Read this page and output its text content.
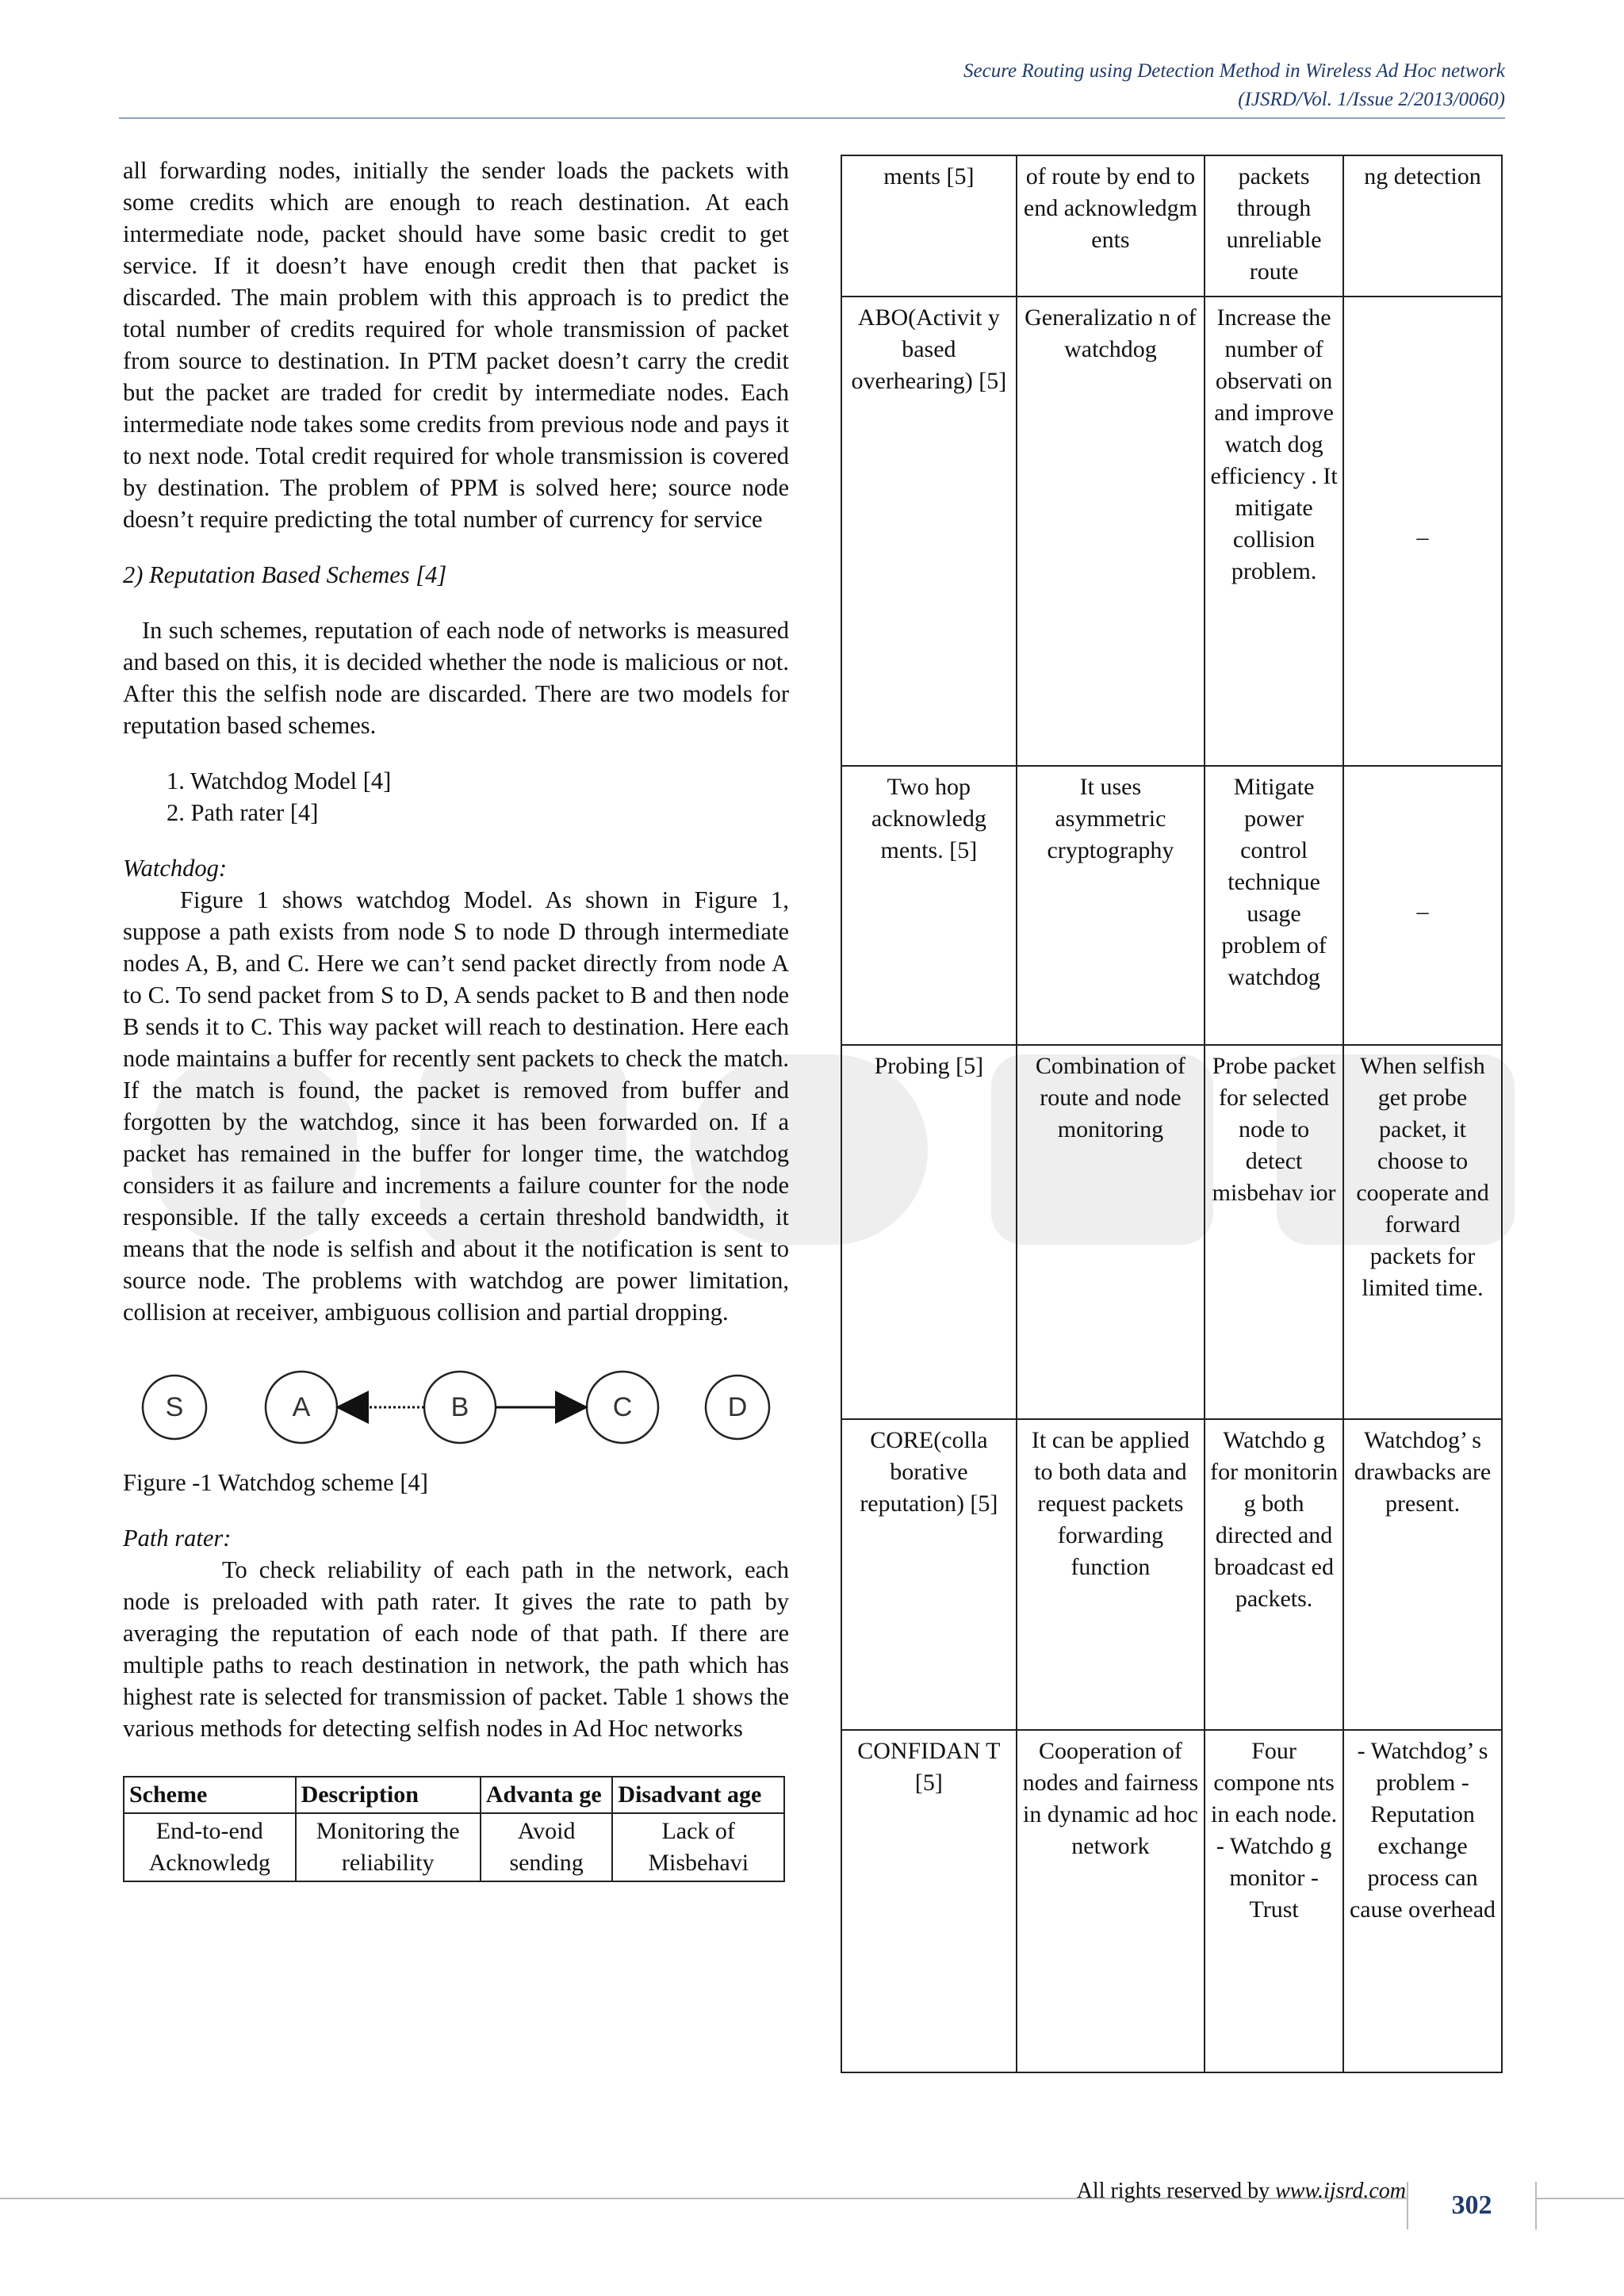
Secure Routing using Detection Method in Wireless Ad Hoc network
(IJSRD/Vol. 1/Issue 2/2013/0060)

all forwarding nodes, initially the sender loads the packets with some credits which are enough to reach destination. At each intermediate node, packet should have some basic credit to get service. If it doesn’t have enough credit then that packet is discarded. The main problem with this approach is to predict the total number of credits required for whole transmission of packet from source to destination. In PTM packet doesn’t carry the credit but the packet are traded for credit by intermediate nodes. Each intermediate node takes some credits from previous node and pays it to next node. Total credit required for whole transmission is covered by destination. The problem of PPM is solved here; source node doesn’t require predicting the total number of currency for service

2) Reputation Based Schemes [4]

In such schemes, reputation of each node of networks is measured and based on this, it is decided whether the node is malicious or not. After this the selfish node are discarded. There are two models for reputation based schemes.

1. Watchdog Model [4]
2. Path rater [4]

Watchdog:

Figure 1 shows watchdog Model. As shown in Figure 1, suppose a path exists from node S to node D through intermediate nodes A, B, and C. Here we can’t send packet directly from node A to C. To send packet from S to D, A sends packet to B and then node B sends it to C. This way packet will reach to destination. Here each node maintains a buffer for recently sent packets to check the match. If the match is found, the packet is removed from buffer and forgotten by the watchdog, since it has been forwarded on. If a packet has remained in the buffer for longer time, the watchdog considers it as failure and increments a failure counter for the node responsible. If the tally exceeds a certain threshold bandwidth, it means that the node is selfish and about it the notification is sent to source node. The problems with watchdog are power limitation, collision at receiver, ambiguous collision and partial dropping.

S	A	B	C	D

Figure -1 Watchdog scheme [4]

Path rater:

To check reliability of each path in the network, each node is preloaded with path rater. It gives the rate to path by averaging the reputation of each node of that path. If there are multiple paths to reach destination in network, the path which has highest rate is selected for transmission of packet. Table 1 shows the various methods for detecting selfish nodes in Ad Hoc networks

Scheme	Description	Advanta ge	Disadvant age
End-to-end Acknowledg	Monitoring the reliability	Avoid sending	Lack of Misbehavi
ments [5]	of route by end to end acknowledgm ents	packets through unreliable route	ng detection
ABO(Activit y based overhearing) [5]	Generalizatio n of watchdog	Increase the number of observati on and improve watch dog efficiency . It mitigate collision problem.	_
Two hop acknowledg ments. [5]	It uses asymmetric cryptography	Mitigate power control technique usage problem of watchdog	_
Probing [5]	Combination of route and node monitoring	Probe packet for selected node to detect misbehav ior	When selfish get probe packet, it choose to cooperate and forward packets for limited time.
CORE(colla borative reputation) [5]	It can be applied to both data and request packets forwarding function	Watchdo g for monitorin g both directed and broadcast ed packets.	Watchdog’ s drawbacks are present.
CONFIDAN T [5]	Cooperation of nodes and fairness in dynamic ad hoc network	Four compone nts in each node. - Watchdo g monitor -Trust	- Watchdog’ s problem - Reputation exchange process can cause overhead
All rights reserved by www.ijsrd.com	302
